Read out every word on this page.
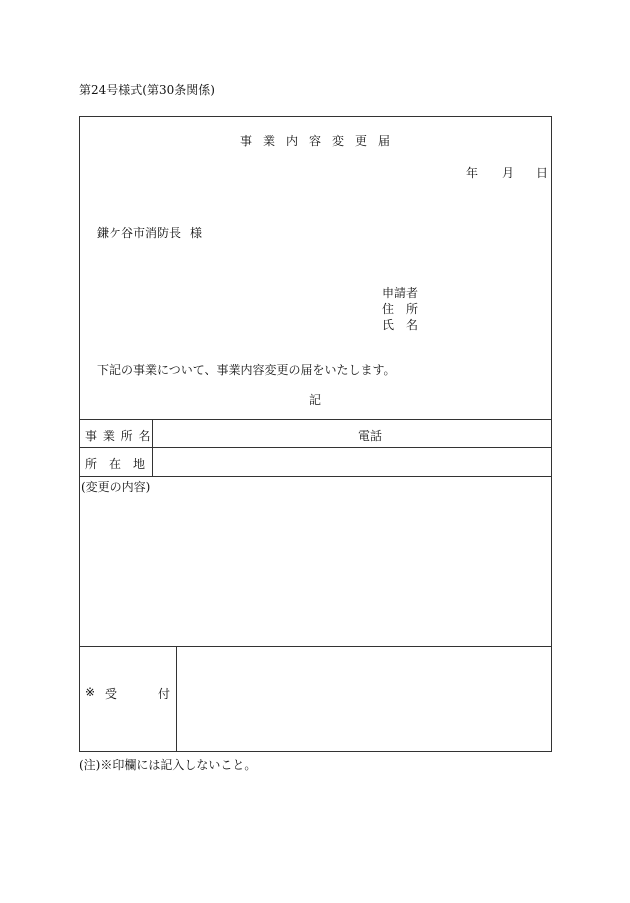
第24号様式(第30条関係)
事業内容変更届
年 月 日
鎌ケ谷市消防長 様
申請者
住　所
氏　名
下記の事業について、事業内容変更の届をいたします。
記
事 業 所 名	電話
所　在　地
(変更の内容)
※ 受	付
(注)※印欄には記入しないこと。
